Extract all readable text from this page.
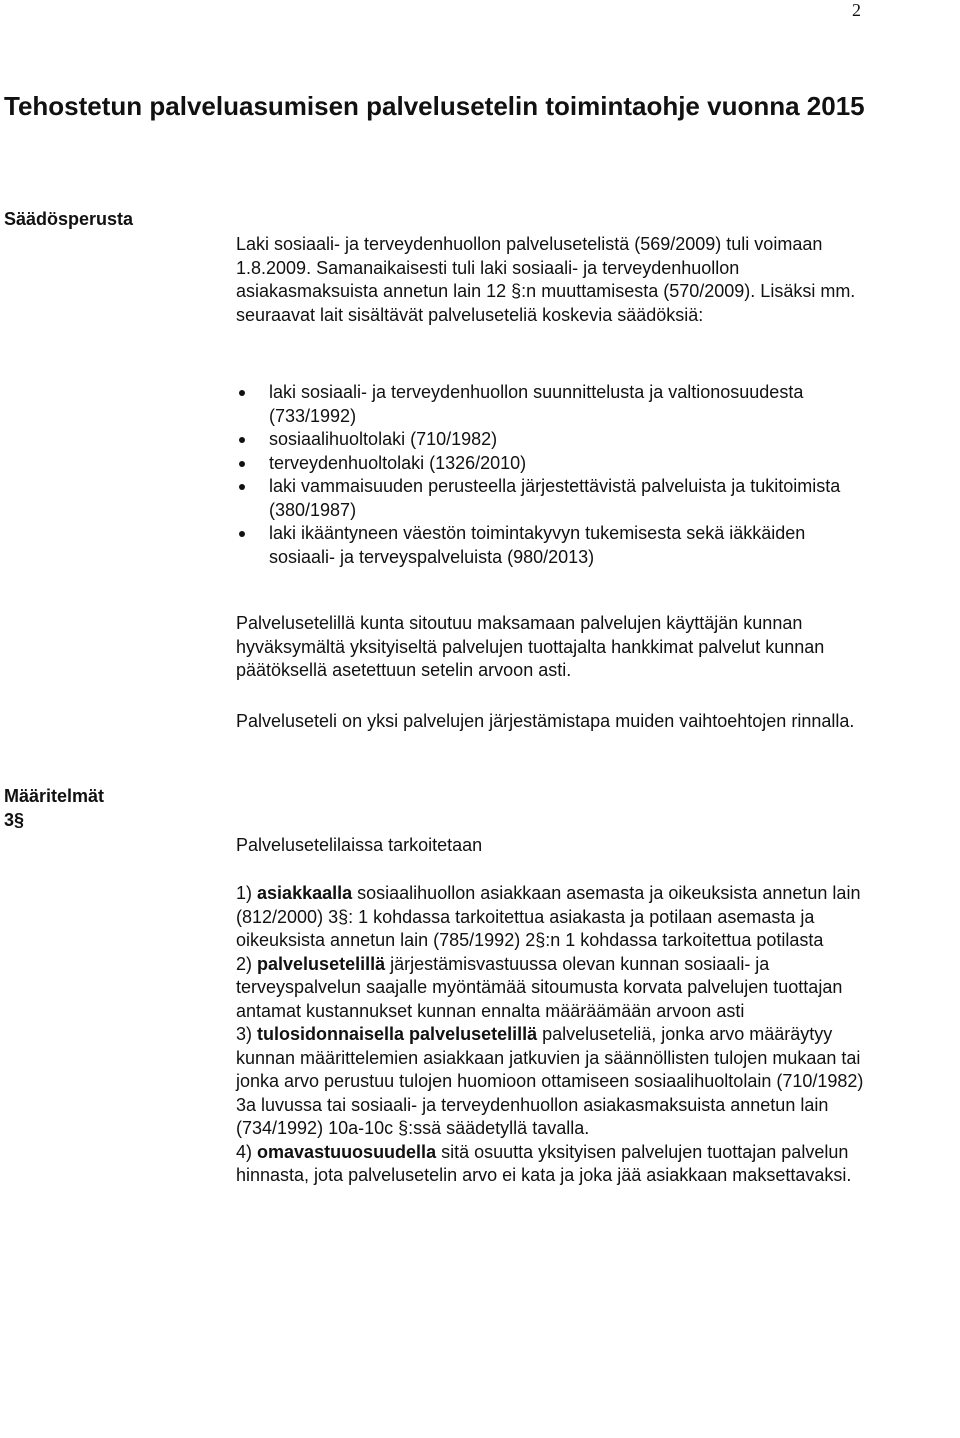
2
Tehostetun palveluasumisen palvelusetelin toimintaohje vuonna 2015
Säädösperusta
Laki sosiaali- ja terveydenhuollon palvelusetelistä (569/2009) tuli voimaan 1.8.2009. Samanaikaisesti tuli laki sosiaali- ja terveydenhuollon asiakasmaksuista annetun lain 12 §:n muuttamisesta (570/2009). Lisäksi mm. seuraavat lait sisältävät palveluseteliä koskevia säädöksiä:
laki sosiaali- ja terveydenhuollon suunnittelusta ja valtionosuudesta (733/1992)
sosiaalihuoltolaki (710/1982)
terveydenhuoltolaki (1326/2010)
laki vammaisuuden perusteella järjestettävistä palveluista ja tukitoimista (380/1987)
laki ikääntyneen väestön toimintakyvyn tukemisesta sekä iäkkäiden sosiaali- ja terveyspalveluista (980/2013)
Palvelusetelillä kunta sitoutuu maksamaan palvelujen käyttäjän kunnan hyväksymältä yksityiseltä palvelujen tuottajalta hankkimat palvelut kunnan päätöksellä asetettuun setelin arvoon asti.
Palveluseteli on yksi palvelujen järjestämistapa muiden vaihtoehtojen rinnalla.
Määritelmät
3§
Palvelusetelilaissa tarkoitetaan
1) asiakkaalla sosiaalihuollon asiakkaan asemasta ja oikeuksista annetun lain (812/2000) 3§: 1 kohdassa tarkoitettua asiakasta ja potilaan asemasta ja oikeuksista annetun lain (785/1992) 2§:n 1 kohdassa tarkoitettua potilasta
2) palvelusetelillä järjestämisvastuussa olevan kunnan sosiaali- ja terveyspalvelun saajalle myöntämää sitoumusta korvata palvelujen tuottajan antamat kustannukset kunnan ennalta määräämään arvoon asti
3) tulosidonnaisella palvelusetelillä palveluseteliä, jonka arvo määräytyy kunnan määrittelemien asiakkaan jatkuvien ja säännöllisten tulojen mukaan tai jonka arvo perustuu tulojen huomioon ottamiseen sosiaalihuoltolain (710/1982) 3a luvussa tai sosiaali- ja terveydenhuollon asiakasmaksuista annetun lain (734/1992) 10a-10c §:ssä säädetyllä tavalla.
4) omavastuuosuudella sitä osuutta yksityisen palvelujen tuottajan palvelun hinnasta, jota palvelusetelin arvo ei kata ja joka jää asiakkaan maksettavaksi.
